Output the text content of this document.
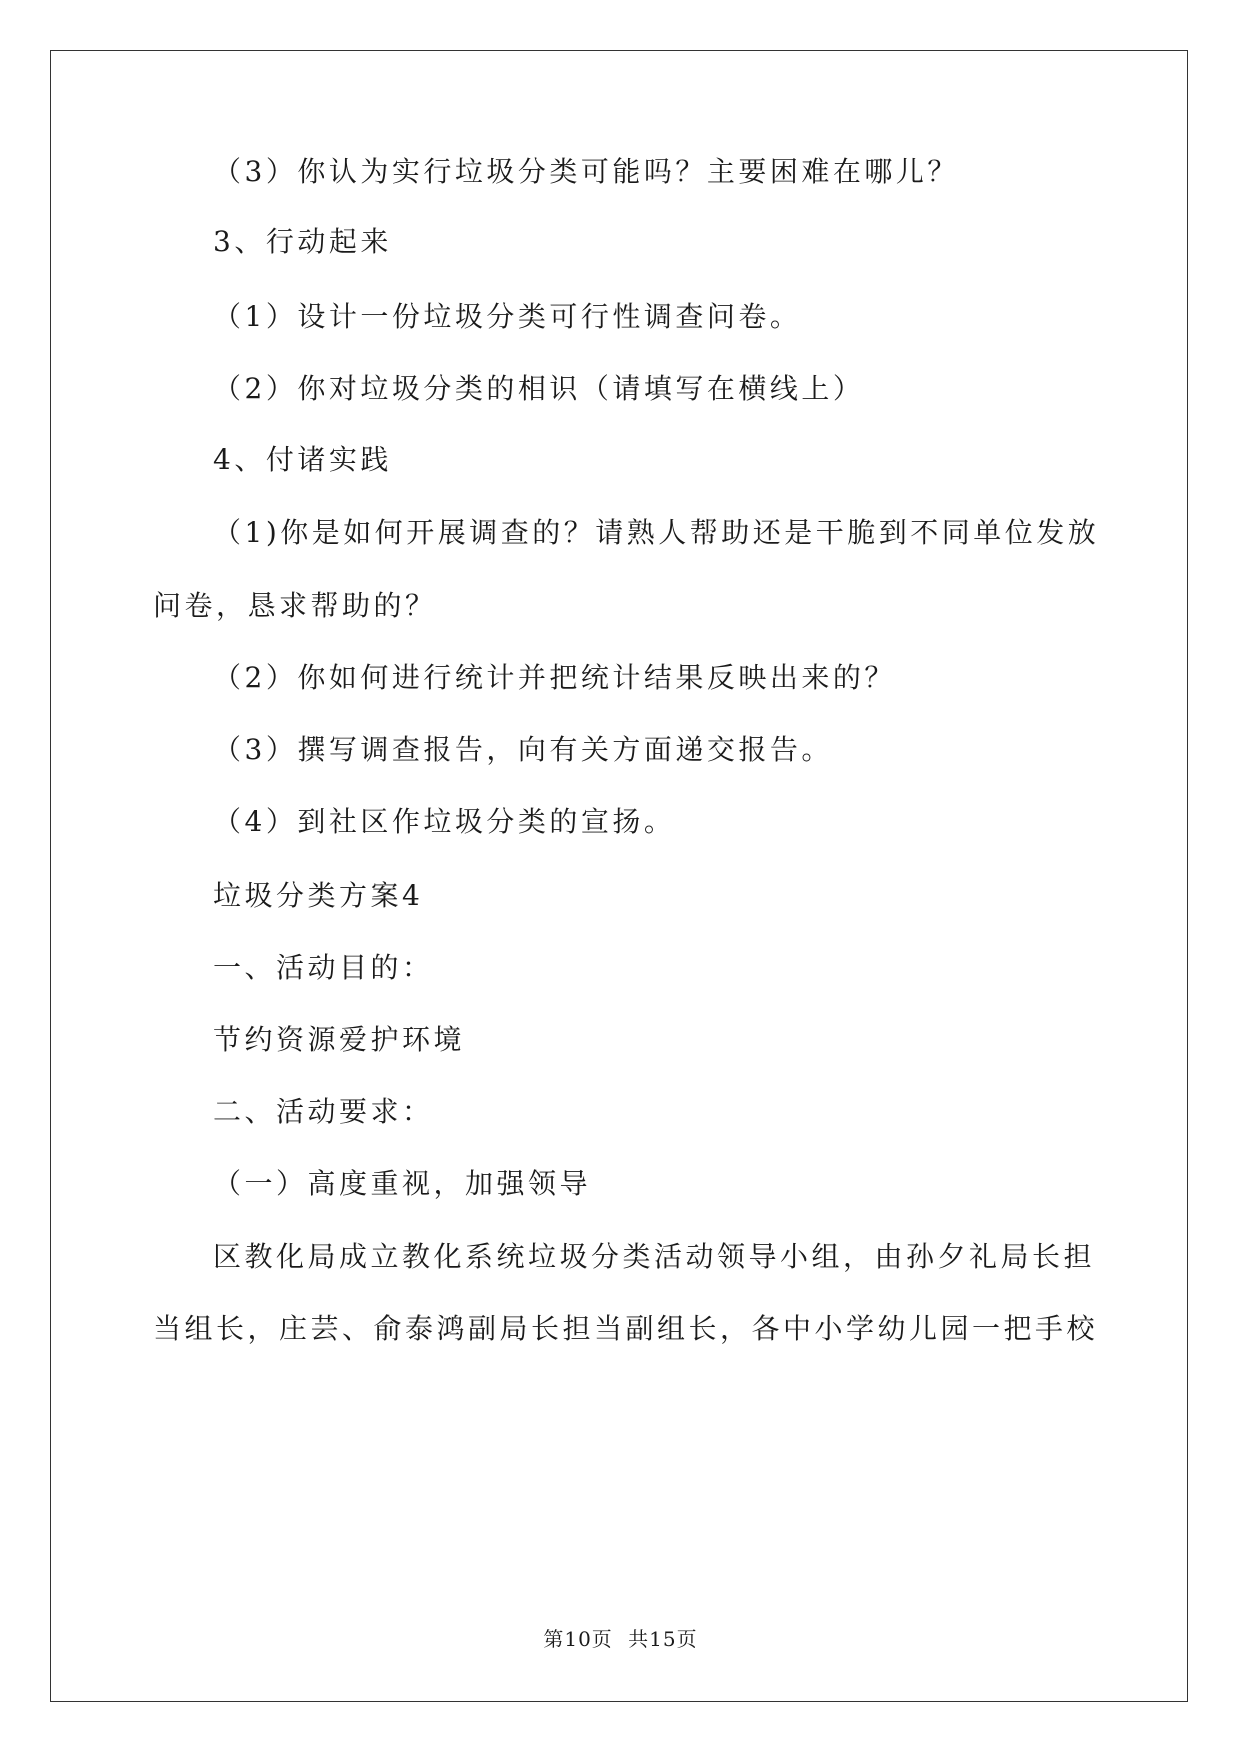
（3）你认为实行垃圾分类可能吗？主要困难在哪儿？
3、行动起来
（1）设计一份垃圾分类可行性调查问卷。
（2）你对垃圾分类的相识（请填写在横线上）
4、付诸实践
（1)你是如何开展调查的？请熟人帮助还是干脆到不同单位发放
问卷，恳求帮助的？
（2）你如何进行统计并把统计结果反映出来的？
（3）撰写调查报告，向有关方面递交报告。
（4）到社区作垃圾分类的宣扬。
垃圾分类方案4
一、活动目的：
节约资源爱护环境
二、活动要求：
（一）高度重视，加强领导
区教化局成立教化系统垃圾分类活动领导小组，由孙夕礼局长担
当组长，庄芸、俞泰鸿副局长担当副组长，各中小学幼儿园一把手校
第10页 共15页
